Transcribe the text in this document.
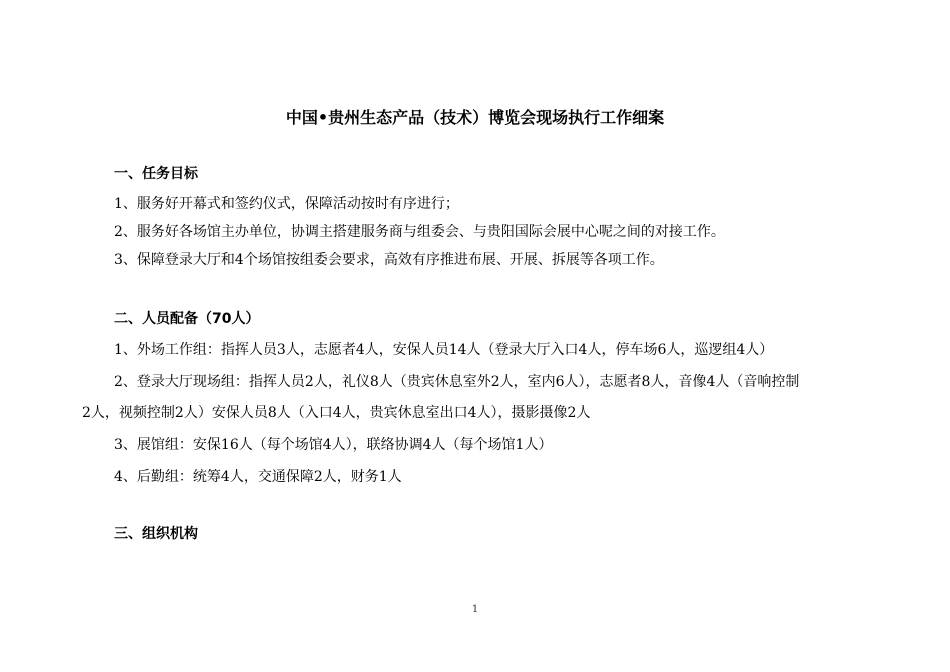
中国•贵州生态产品（技术）博览会现场执行工作细案
一、任务目标
1、服务好开幕式和签约仪式，保障活动按时有序进行；
2、服务好各场馆主办单位，协调主搭建服务商与组委会、与贵阳国际会展中心呢之间的对接工作。
3、保障登录大厅和4个场馆按组委会要求，高效有序推进布展、开展、拆展等各项工作。
二、人员配备（70人）
1、外场工作组：指挥人员3人，志愿者4人，安保人员14人（登录大厅入口4人，停车场6人，巡逻组4人）
2、登录大厅现场组：指挥人员2人，礼仪8人（贵宾休息室外2人，室内6人），志愿者8人，音像4人（音响控制
2人，视频控制2人）安保人员8人（入口4人，贵宾休息室出口4人），摄影摄像2人
3、展馆组：安保16人（每个场馆4人），联络协调4人（每个场馆1人）
4、后勤组：统筹4人，交通保障2人，财务1人
三、组织机构
1
